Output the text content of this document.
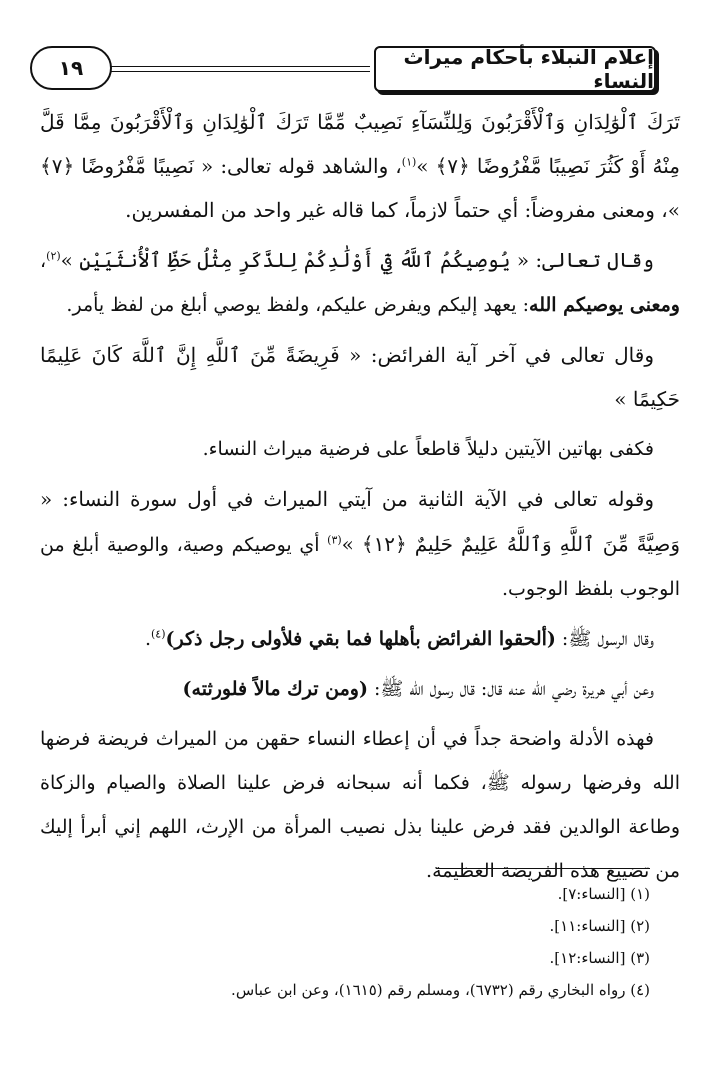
إعلام النبلاء بأحكام ميراث النساء
١٩

تَرَكَ ٱلْوَٰلِدَانِ وَٱلْأَقْرَبُونَ وَلِلنِّسَآءِ نَصِيبٌ مِّمَّا تَرَكَ ٱلْوَٰلِدَانِ وَٱلْأَقْرَبُونَ مِمَّا قَلَّ مِنْهُ أَوْ كَثُرَ نَصِيبًا مَّفْرُوضًا ﴿٧﴾ »$^{(١)}$، والشاهد قوله تعالى: « نَصِيبًا مَّفْرُوضًا ﴿٧﴾ »، ومعنى مفروضاً: أي حتماً لازماً، كما قاله غير واحد من المفسرين.

وقال تعالى: « يُوصِيكُمُ ٱللَّهُ فِيٓ أَوْلَٰدِكُمْ لِلذَّكَرِ مِثْلُ حَظِّ ٱلْأُنثَيَيْنِ »$^{(٢)}$، ومعنى يوصيكم الله: يعهد إليكم ويفرض عليكم، ولفظ يوصي أبلغ من لفظ يأمر.

وقال تعالى في آخر آية الفرائض: « فَرِيضَةً مِّنَ ٱللَّهِ إِنَّ ٱللَّهَ كَانَ عَلِيمًا حَكِيمًا »

فكفى بهاتين الآيتين دليلاً قاطعاً على فرضية ميراث النساء.

وقوله تعالى في الآية الثانية من آيتي الميراث في أول سورة النساء: « وَصِيَّةً مِّنَ ٱللَّهِ وَٱللَّهُ عَلِيمٌ حَلِيمٌ ﴿١٢﴾ »$^{(٣)}$ أي يوصيكم وصية، والوصية أبلغ من الوجوب بلفظ الوجوب.

وقال الرسول ﷺ: (ألحقوا الفرائض بأهلها فما بقي فلأولى رجل ذكر)$^{(٤)}$.

وعن أبي هريرة رضي الله عنه قال: قال رسول الله ﷺ: (ومن ترك مالاً فلورثته)

فهذه الأدلة واضحة جداً في أن إعطاء النساء حقهن من الميراث فريضة فرضها الله وفرضها رسوله ﷺ، فكما أنه سبحانه فرض علينا الصلاة والصيام والزكاة وطاعة الوالدين فقد فرض علينا بذل نصيب المرأة من الإرث، اللهم إني أبرأ إليك من تضييع هذه الفريضة العظيمة.

(١) [النساء:٧].

(٢) [النساء:١١].

(٣) [النساء:١٢].

(٤) رواه البخاري رقم (٦٧٣٢)، ومسلم رقم (١٦١٥)، وعن ابن عباس.
